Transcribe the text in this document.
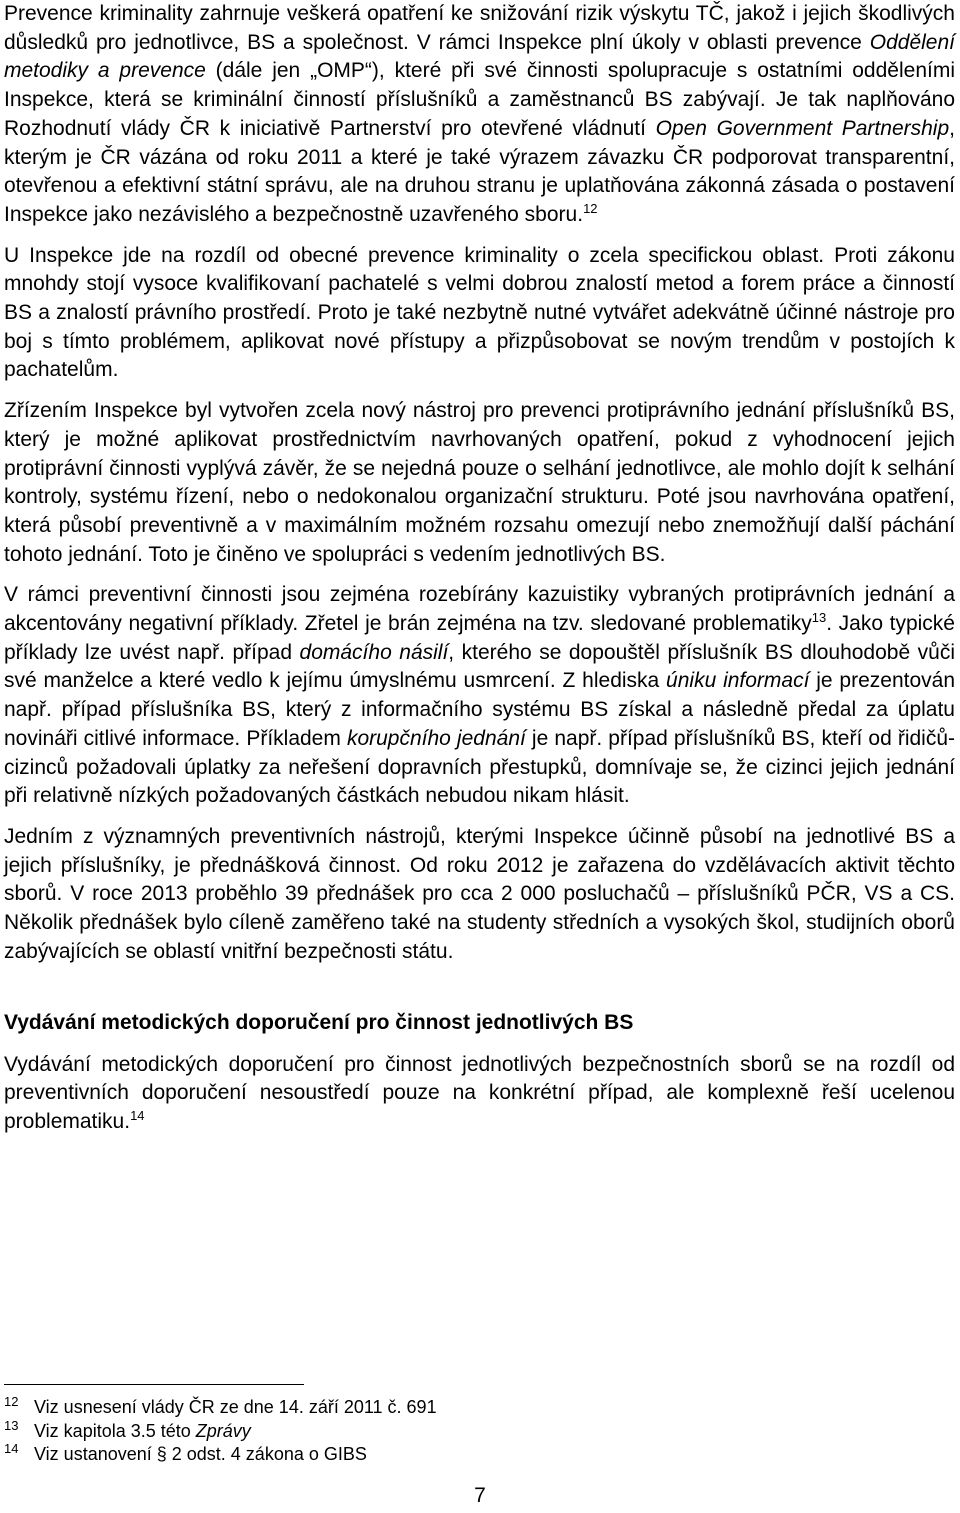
Prevence kriminality zahrnuje veškerá opatření ke snižování rizik výskytu TČ, jakož i jejich škodlivých důsledků pro jednotlivce, BS a společnost. V rámci Inspekce plní úkoly v oblasti prevence Oddělení metodiky a prevence (dále jen „OMP“), které při své činnosti spolupracuje s ostatními odděleními Inspekce, která se kriminální činností příslušníků a zaměstnanců BS zabývají. Je tak naplňováno Rozhodnutí vlády ČR k iniciativě Partnerství pro otevřené vládnutí Open Government Partnership, kterým je ČR vázána od roku 2011 a které je také výrazem závazku ČR podporovat transparentní, otevřenou a efektivní státní správu, ale na druhou stranu je uplatňována zákonná zásada o postavení Inspekce jako nezávislého a bezpečnostně uzavřeného sboru.$^{12}$

U Inspekce jde na rozdíl od obecné prevence kriminality o zcela specifickou oblast. Proti zákonu mnohdy stojí vysoce kvalifikovaní pachatelé s velmi dobrou znalostí metod a forem práce a činností BS a znalostí právního prostředí. Proto je také nezbytně nutné vytvářet adekvátně účinné nástroje pro boj s tímto problémem, aplikovat nové přístupy a přizpůsobovat se novým trendům v postojích k pachatelům.

Zřízením Inspekce byl vytvořen zcela nový nástroj pro prevenci protiprávního jednání příslušníků BS, který je možné aplikovat prostřednictvím navrhovaných opatření, pokud z vyhodnocení jejich protiprávní činnosti vyplývá závěr, že se nejedná pouze o selhání jednotlivce, ale mohlo dojít k selhání kontroly, systému řízení, nebo o nedokonalou organizační strukturu. Poté jsou navrhována opatření, která působí preventivně a v maximálním možném rozsahu omezují nebo znemožňují další páchání tohoto jednání. Toto je činěno ve spolupráci s vedením jednotlivých BS.

V rámci preventivní činnosti jsou zejména rozebírány kazuistiky vybraných protiprávních jednání a akcentovány negativní příklady. Zřetel je brán zejména na tzv. sledované problematiky$^{13}$. Jako typické příklady lze uvést např. případ domácího násilí, kterého se dopouštěl příslušník BS dlouhodobě vůči své manželce a které vedlo k jejímu úmyslnému usmrcení. Z hlediska úniku informací je prezentován např. případ příslušníka BS, který z informačního systému BS získal a následně předal za úplatu novináři citlivé informace. Příkladem korupčního jednání je např. případ příslušníků BS, kteří od řidičů-cizinců požadovali úplatky za neřešení dopravních přestupků, domnívaje se, že cizinci jejich jednání při relativně nízkých požadovaných částkách nebudou nikam hlásit.

Jedním z významných preventivních nástrojů, kterými Inspekce účinně působí na jednotlivé BS a jejich příslušníky, je přednášková činnost. Od roku 2012 je zařazena do vzdělávacích aktivit těchto sborů. V roce 2013 proběhlo 39 přednášek pro cca 2 000 posluchačů – příslušníků PČR, VS a CS. Několik přednášek bylo cíleně zaměřeno také na studenty středních a vysokých škol, studijních oborů zabývajících se oblastí vnitřní bezpečnosti státu.

Vydávání metodických doporučení pro činnost jednotlivých BS

Vydávání metodických doporučení pro činnost jednotlivých bezpečnostních sborů se na rozdíl od preventivních doporučení nesoustředí pouze na konkrétní případ, ale komplexně řeší ucelenou problematiku.$^{14}$

12 Viz usnesení vlády ČR ze dne 14. září 2011 č. 691
13 Viz kapitola 3.5 této Zprávy
14 Viz ustanovení § 2 odst. 4 zákona o GIBS
7
